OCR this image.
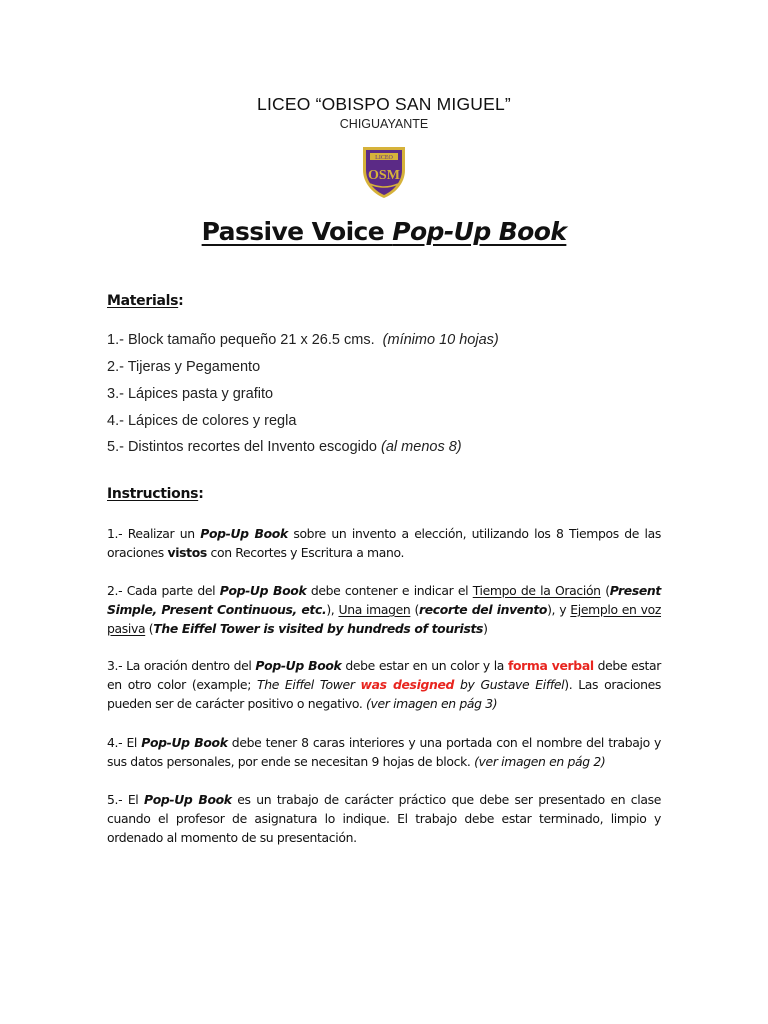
LICEO “OBISPO SAN MIGUEL”
CHIGUAYANTE
LICEO
OSM
Passive Voice Pop-Up Book
Materials:
1.- Block tamaño pequeño 21 x 26.5 cms. (mínimo 10 hojas)
2.- Tijeras y Pegamento
3.- Lápices pasta y grafito
4.- Lápices de colores y regla
5.- Distintos recortes del Invento escogido (al menos 8)
Instructions:
1.- Realizar un Pop-Up Book sobre un invento a elección, utilizando los 8 Tiempos de las oraciones vistos con Recortes y Escritura a mano.
2.- Cada parte del Pop-Up Book debe contener e indicar el Tiempo de la Oración (Present Simple, Present Continuous, etc.), Una imagen (recorte del invento), y Ejemplo en voz pasiva (The Eiffel Tower is visited by hundreds of tourists)
3.- La oración dentro del Pop-Up Book debe estar en un color y la forma verbal debe estar en otro color (example; The Eiffel Tower was designed by Gustave Eiffel). Las oraciones pueden ser de carácter positivo o negativo. (ver imagen en pág 3)
4.- El Pop-Up Book debe tener 8 caras interiores y una portada con el nombre del trabajo y sus datos personales, por ende se necesitan 9 hojas de block. (ver imagen en pág 2)
5.- El Pop-Up Book es un trabajo de carácter práctico que debe ser presentado en clase cuando el profesor de asignatura lo indique. El trabajo debe estar terminado, limpio y ordenado al momento de su presentación.
